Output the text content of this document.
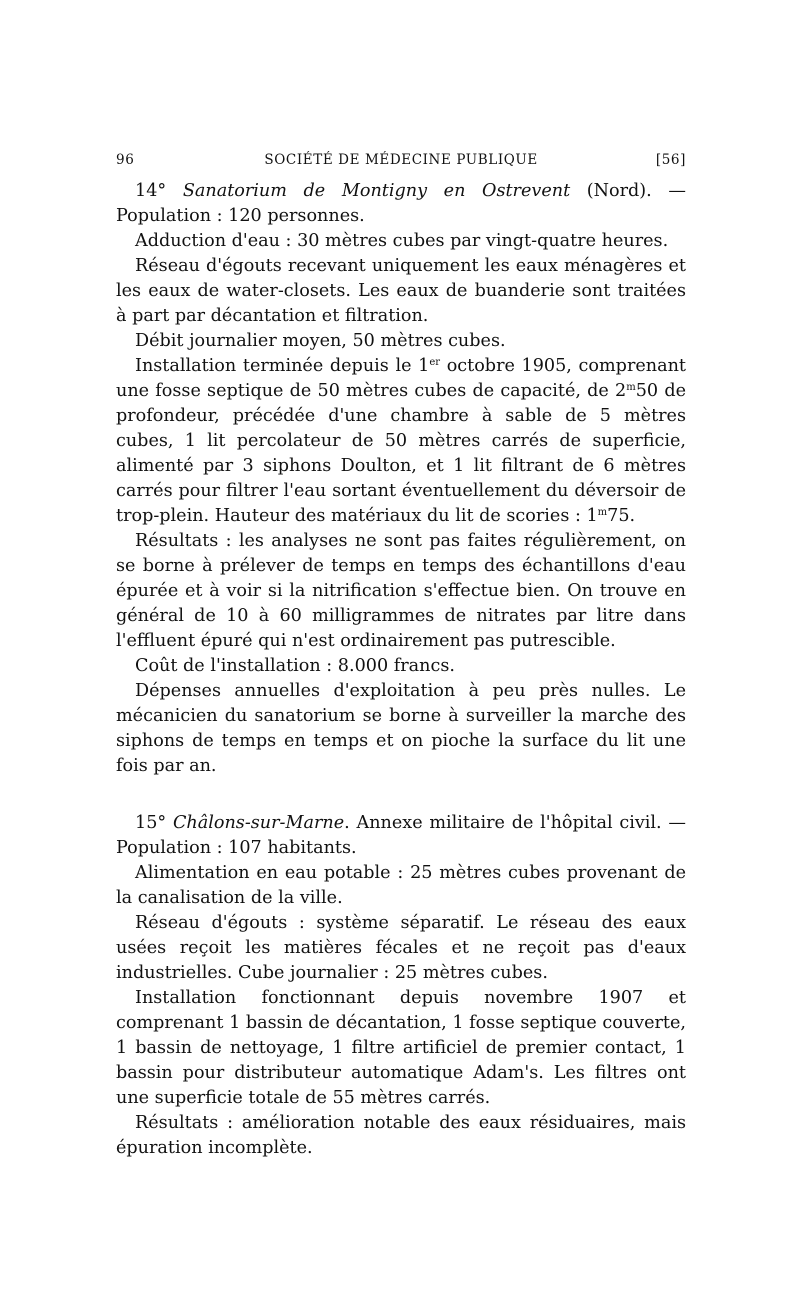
96	SOCIÉTÉ DE MÉDECINE PUBLIQUE	[56]

14° Sanatorium de Montigny en Ostrevent (Nord). — Population : 120 personnes.

Adduction d'eau : 30 mètres cubes par vingt-quatre heures.

Réseau d'égouts recevant uniquement les eaux ménagères et les eaux de water-closets. Les eaux de buanderie sont traitées à part par décantation et filtration.

Débit journalier moyen, 50 mètres cubes.

Installation terminée depuis le 1er octobre 1905, comprenant une fosse septique de 50 mètres cubes de capacité, de 2$^m$50 de profondeur, précédée d'une chambre à sable de 5 mètres cubes, 1 lit percolateur de 50 mètres carrés de superficie, alimenté par 3 siphons Doulton, et 1 lit filtrant de 6 mètres carrés pour filtrer l'eau sortant éventuellement du déversoir de trop-plein. Hauteur des matériaux du lit de scories : 1$^m$75.

Résultats : les analyses ne sont pas faites régulièrement, on se borne à prélever de temps en temps des échantillons d'eau épurée et à voir si la nitrification s'effectue bien. On trouve en général de 10 à 60 milligrammes de nitrates par litre dans l'effluent épuré qui n'est ordinairement pas putrescible.

Coût de l'installation : 8.000 francs.

Dépenses annuelles d'exploitation à peu près nulles. Le mécanicien du sanatorium se borne à surveiller la marche des siphons de temps en temps et on pioche la surface du lit une fois par an.

15° Châlons-sur-Marne. Annexe militaire de l'hôpital civil. — Population : 107 habitants.

Alimentation en eau potable : 25 mètres cubes provenant de la canalisation de la ville.

Réseau d'égouts : système séparatif. Le réseau des eaux usées reçoit les matières fécales et ne reçoit pas d'eaux industrielles. Cube journalier : 25 mètres cubes.

Installation fonctionnant depuis novembre 1907 et comprenant 1 bassin de décantation, 1 fosse septique couverte, 1 bassin de nettoyage, 1 filtre artificiel de premier contact, 1 bassin pour distributeur automatique Adam's. Les filtres ont une superficie totale de 55 mètres carrés.

Résultats : amélioration notable des eaux résiduaires, mais épuration incomplète.
